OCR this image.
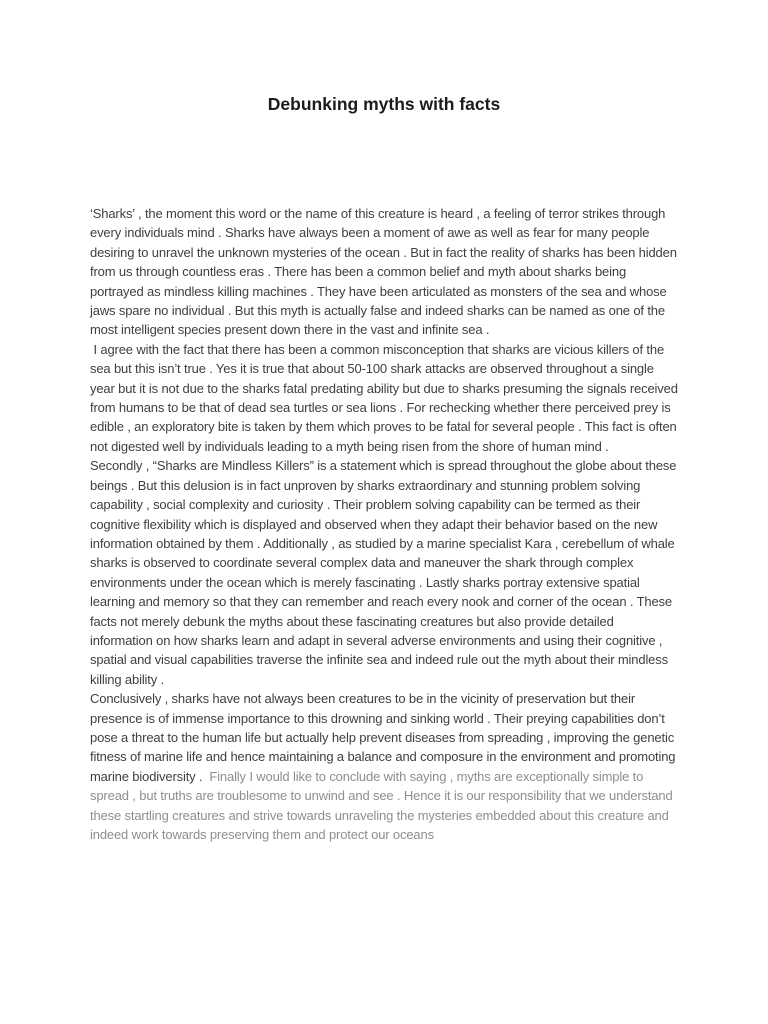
Debunking myths with facts

‘Sharks’ , the moment this word or the name of this creature is heard , a feeling of terror strikes through every individuals mind . Sharks have always been a moment of awe as well as fear for many people desiring to unravel the unknown mysteries of the ocean . But in fact the reality of sharks has been hidden from us through countless eras . There has been a common belief and myth about sharks being portrayed as mindless killing machines . They have been articulated as monsters of the sea and whose jaws spare no individual . But this myth is actually false and indeed sharks can be named as one of the most intelligent species present down there in the vast and infinite sea .

I agree with the fact that there has been a common misconception that sharks are vicious killers of the sea but this isn’t true . Yes it is true that about 50-100 shark attacks are observed throughout a single year but it is not due to the sharks fatal predating ability but due to sharks presuming the signals received from humans to be that of dead sea turtles or sea lions . For rechecking whether there perceived prey is edible , an exploratory bite is taken by them which proves to be fatal for several people . This fact is often not digested well by individuals leading to a myth being risen from the shore of human mind .

Secondly , “Sharks are Mindless Killers” is a statement which is spread throughout the globe about these beings . But this delusion is in fact unproven by sharks extraordinary and stunning problem solving capability , social complexity and curiosity . Their problem solving capability can be termed as their cognitive flexibility which is displayed and observed when they adapt their behavior based on the new information obtained by them . Additionally , as studied by a marine specialist Kara , cerebellum of whale sharks is observed to coordinate several complex data and maneuver the shark through complex environments under the ocean which is merely fascinating . Lastly sharks portray extensive spatial learning and memory so that they can remember and reach every nook and corner of the ocean . These facts not merely debunk the myths about these fascinating creatures but also provide detailed information on how sharks learn and adapt in several adverse environments and using their cognitive , spatial and visual capabilities traverse the infinite sea and indeed rule out the myth about their mindless killing ability .

Conclusively , sharks have not always been creatures to be in the vicinity of preservation but their presence is of immense importance to this drowning and sinking world . Their preying capabilities don’t pose a threat to the human life but actually help prevent diseases from spreading , improving the genetic fitness of marine life and hence maintaining a balance and composure in the environment and promoting marine biodiversity .  Finally I would like to conclude with saying , myths are exceptionally simple to spread , but truths are troublesome to unwind and see . Hence it is our responsibility that we understand these startling creatures and strive towards unraveling the mysteries embedded about this creature and indeed work towards preserving them and protect our oceans
